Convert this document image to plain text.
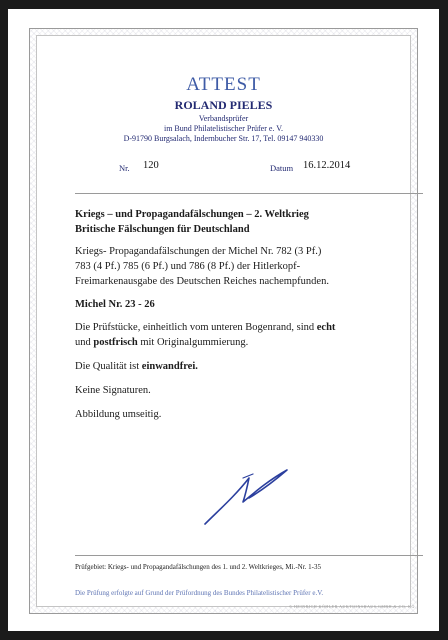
ATTEST
ROLAND PIELES
Verbandsprüfer
im Bund Philatelistischer Prüfer e. V.
D-91790 Burgsalach, Indernbucher Str. 17, Tel. 09147 940330
Nr. 120	Datum 16.12.2014
Kriegs – und Propagandafälschungen – 2. Weltkrieg
Britische Fälschungen für Deutschland
Kriegs- Propagandafälschungen der Michel Nr. 782 (3 Pf.)
783 (4 Pf.) 785 (6 Pf.) und 786 (8 Pf.) der Hitlerkopf-
Freimarkenausgabe des Deutschen Reiches nachempfunden.
Michel Nr. 23 - 26
Die Prüfstücke, einheitlich vom unteren Bogenrand, sind echt
und postfrisch mit Originalgummierung.
Die Qualität ist einwandfrei.
Keine Signaturen.
Abbildung umseitig.
Prüfgebiet: Kriegs- und Propagandafälschungen des 1. und 2. Weltkrieges, Mi.-Nr. 1-35
Die Prüfung erfolgte auf Grund der Prüfordnung des Bundes Philatelistischer Prüfer e.V.
© HEINRICH KÖHLER AUKTIONSHAUS GMBH & CO. KG
